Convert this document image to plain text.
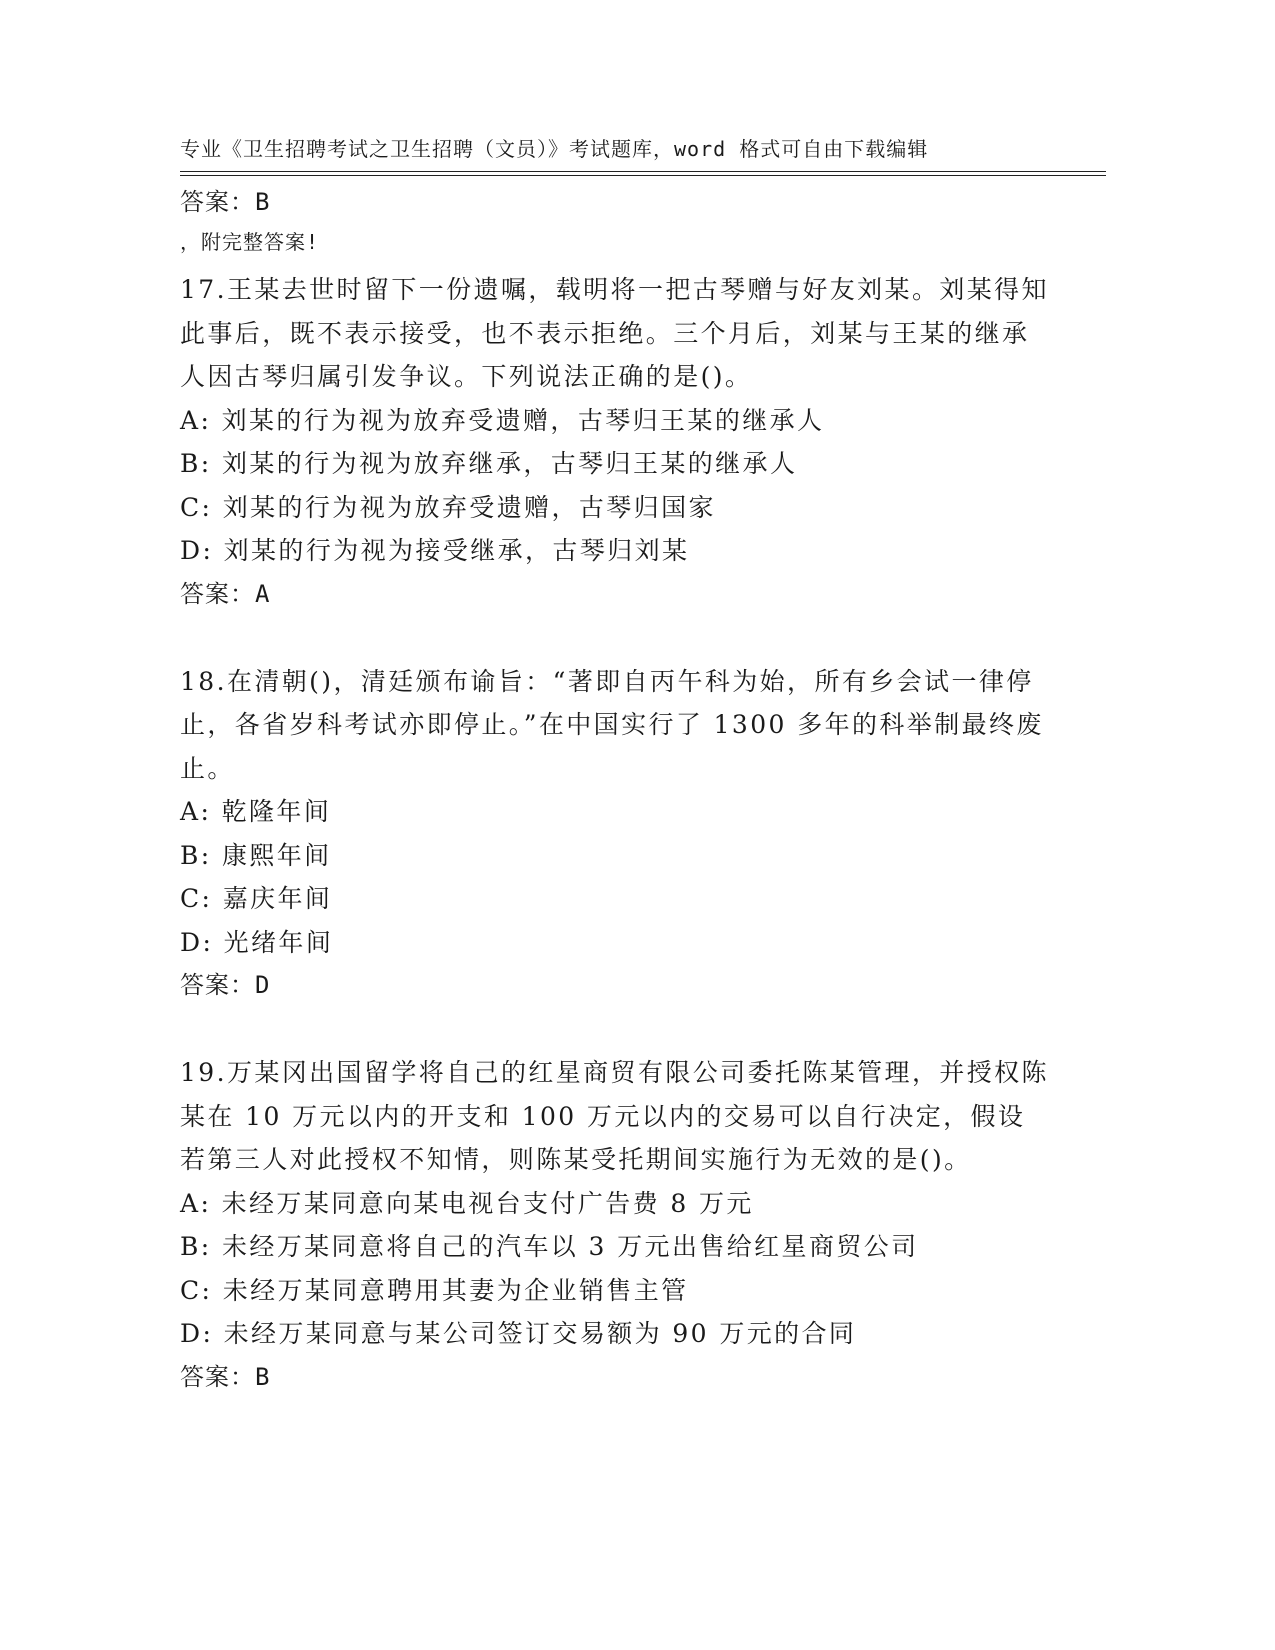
专业《卫生招聘考试之卫生招聘（文员）》考试题库，word 格式可自由下载编辑

，附完整答案!

答案：B
17.王某去世时留下一份遗嘱，载明将一把古琴赠与好友刘某。刘某得知此事后，既不表示接受，也不表示拒绝。三个月后，刘某与王某的继承人因古琴归属引发争议。下列说法正确的是()。
A: 刘某的行为视为放弃受遗赠，古琴归王某的继承人
B: 刘某的行为视为放弃继承，古琴归王某的继承人
C: 刘某的行为视为放弃受遗赠，古琴归国家
D: 刘某的行为视为接受继承，古琴归刘某
答案：A
18.在清朝()，清廷颁布谕旨：“著即自丙午科为始，所有乡会试一律停止，各省岁科考试亦即停止。”在中国实行了 1300 多年的科举制最终废止。
A: 乾隆年间
B: 康熙年间
C: 嘉庆年间
D: 光绪年间
答案：D
19.万某冈出国留学将自己的红星商贸有限公司委托陈某管理，并授权陈某在 10 万元以内的开支和 100 万元以内的交易可以自行决定，假设若第三人对此授权不知情，则陈某受托期间实施行为无效的是()。
A: 未经万某同意向某电视台支付广告费 8 万元
B: 未经万某同意将自己的汽车以 3 万元出售给红星商贸公司
C: 未经万某同意聘用其妻为企业销售主管
D: 未经万某同意与某公司签订交易额为 90 万元的合同
答案：B
